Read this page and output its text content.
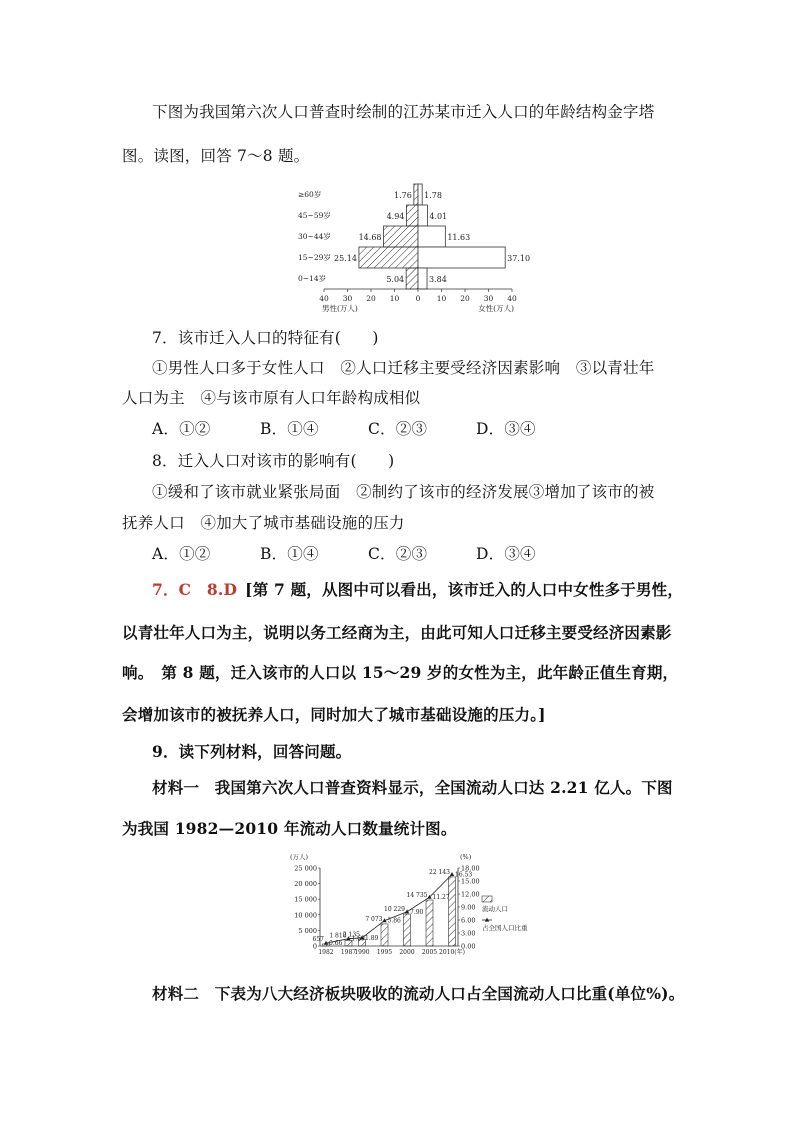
下图为我国第六次人口普查时绘制的江苏某市迁入人口的年龄结构金字塔
图。读图，回答 7～8 题。
≥60岁
45~59岁
30~44岁
15~29岁
0~14岁
1.76 1.78
4.94	4.01
14.68	11.63
25.14	37.10
5.04	3.84
40 30 20 10 0 10 20 30 40
男性(万人)	女性(万人)
7．该市迁入人口的特征有(　　)
①男性人口多于女性人口　②人口迁移主要受经济因素影响　③以青壮年
人口为主　④与该市原有人口年龄构成相似
A．①②	B．①④	C．②③	D．③④
8．迁入人口对该市的影响有(　　)
①缓和了该市就业紧张局面　②制约了该市的经济发展③增加了该市的被
抚养人口　④加大了城市基础设施的压力
A．①②	B．①④	C．②③	D．③④
7．C　8.D [第 7 题，从图中可以看出，该市迁入的人口中女性多于男性，
以青壮年人口为主，说明以务工经商为主，由此可知人口迁移主要受经济因素影
响。　第 8 题，迁入该市的人口以 15～29 岁的女性为主，此年龄正值生育期，
会增加该市的被抚养人口，同时加大了城市基础设施的压力。]
9．读下列材料，回答问题。
材料一　我国第六次人口普查资料显示，全国流动人口达 2.21 亿人。下图
为我国 1982—2010 年流动人口数量统计图。
(万人)	(%)
25 000
20 000
15 000
10 000
5 000
0
18.00
15.00
12.00
9.00
6.00
3.00
0.00
657
1982
1 810
1987
2 135
1990
7 073
1995
10 229
2000
14 735
2005
22 143
2010(年)
0.66
1.69 1.89
5.86
7.90
11.27
16.53
流动人口
占全国人口比重
材料二　下表为八大经济板块吸收的流动人口占全国流动人口比重(单位%)。
